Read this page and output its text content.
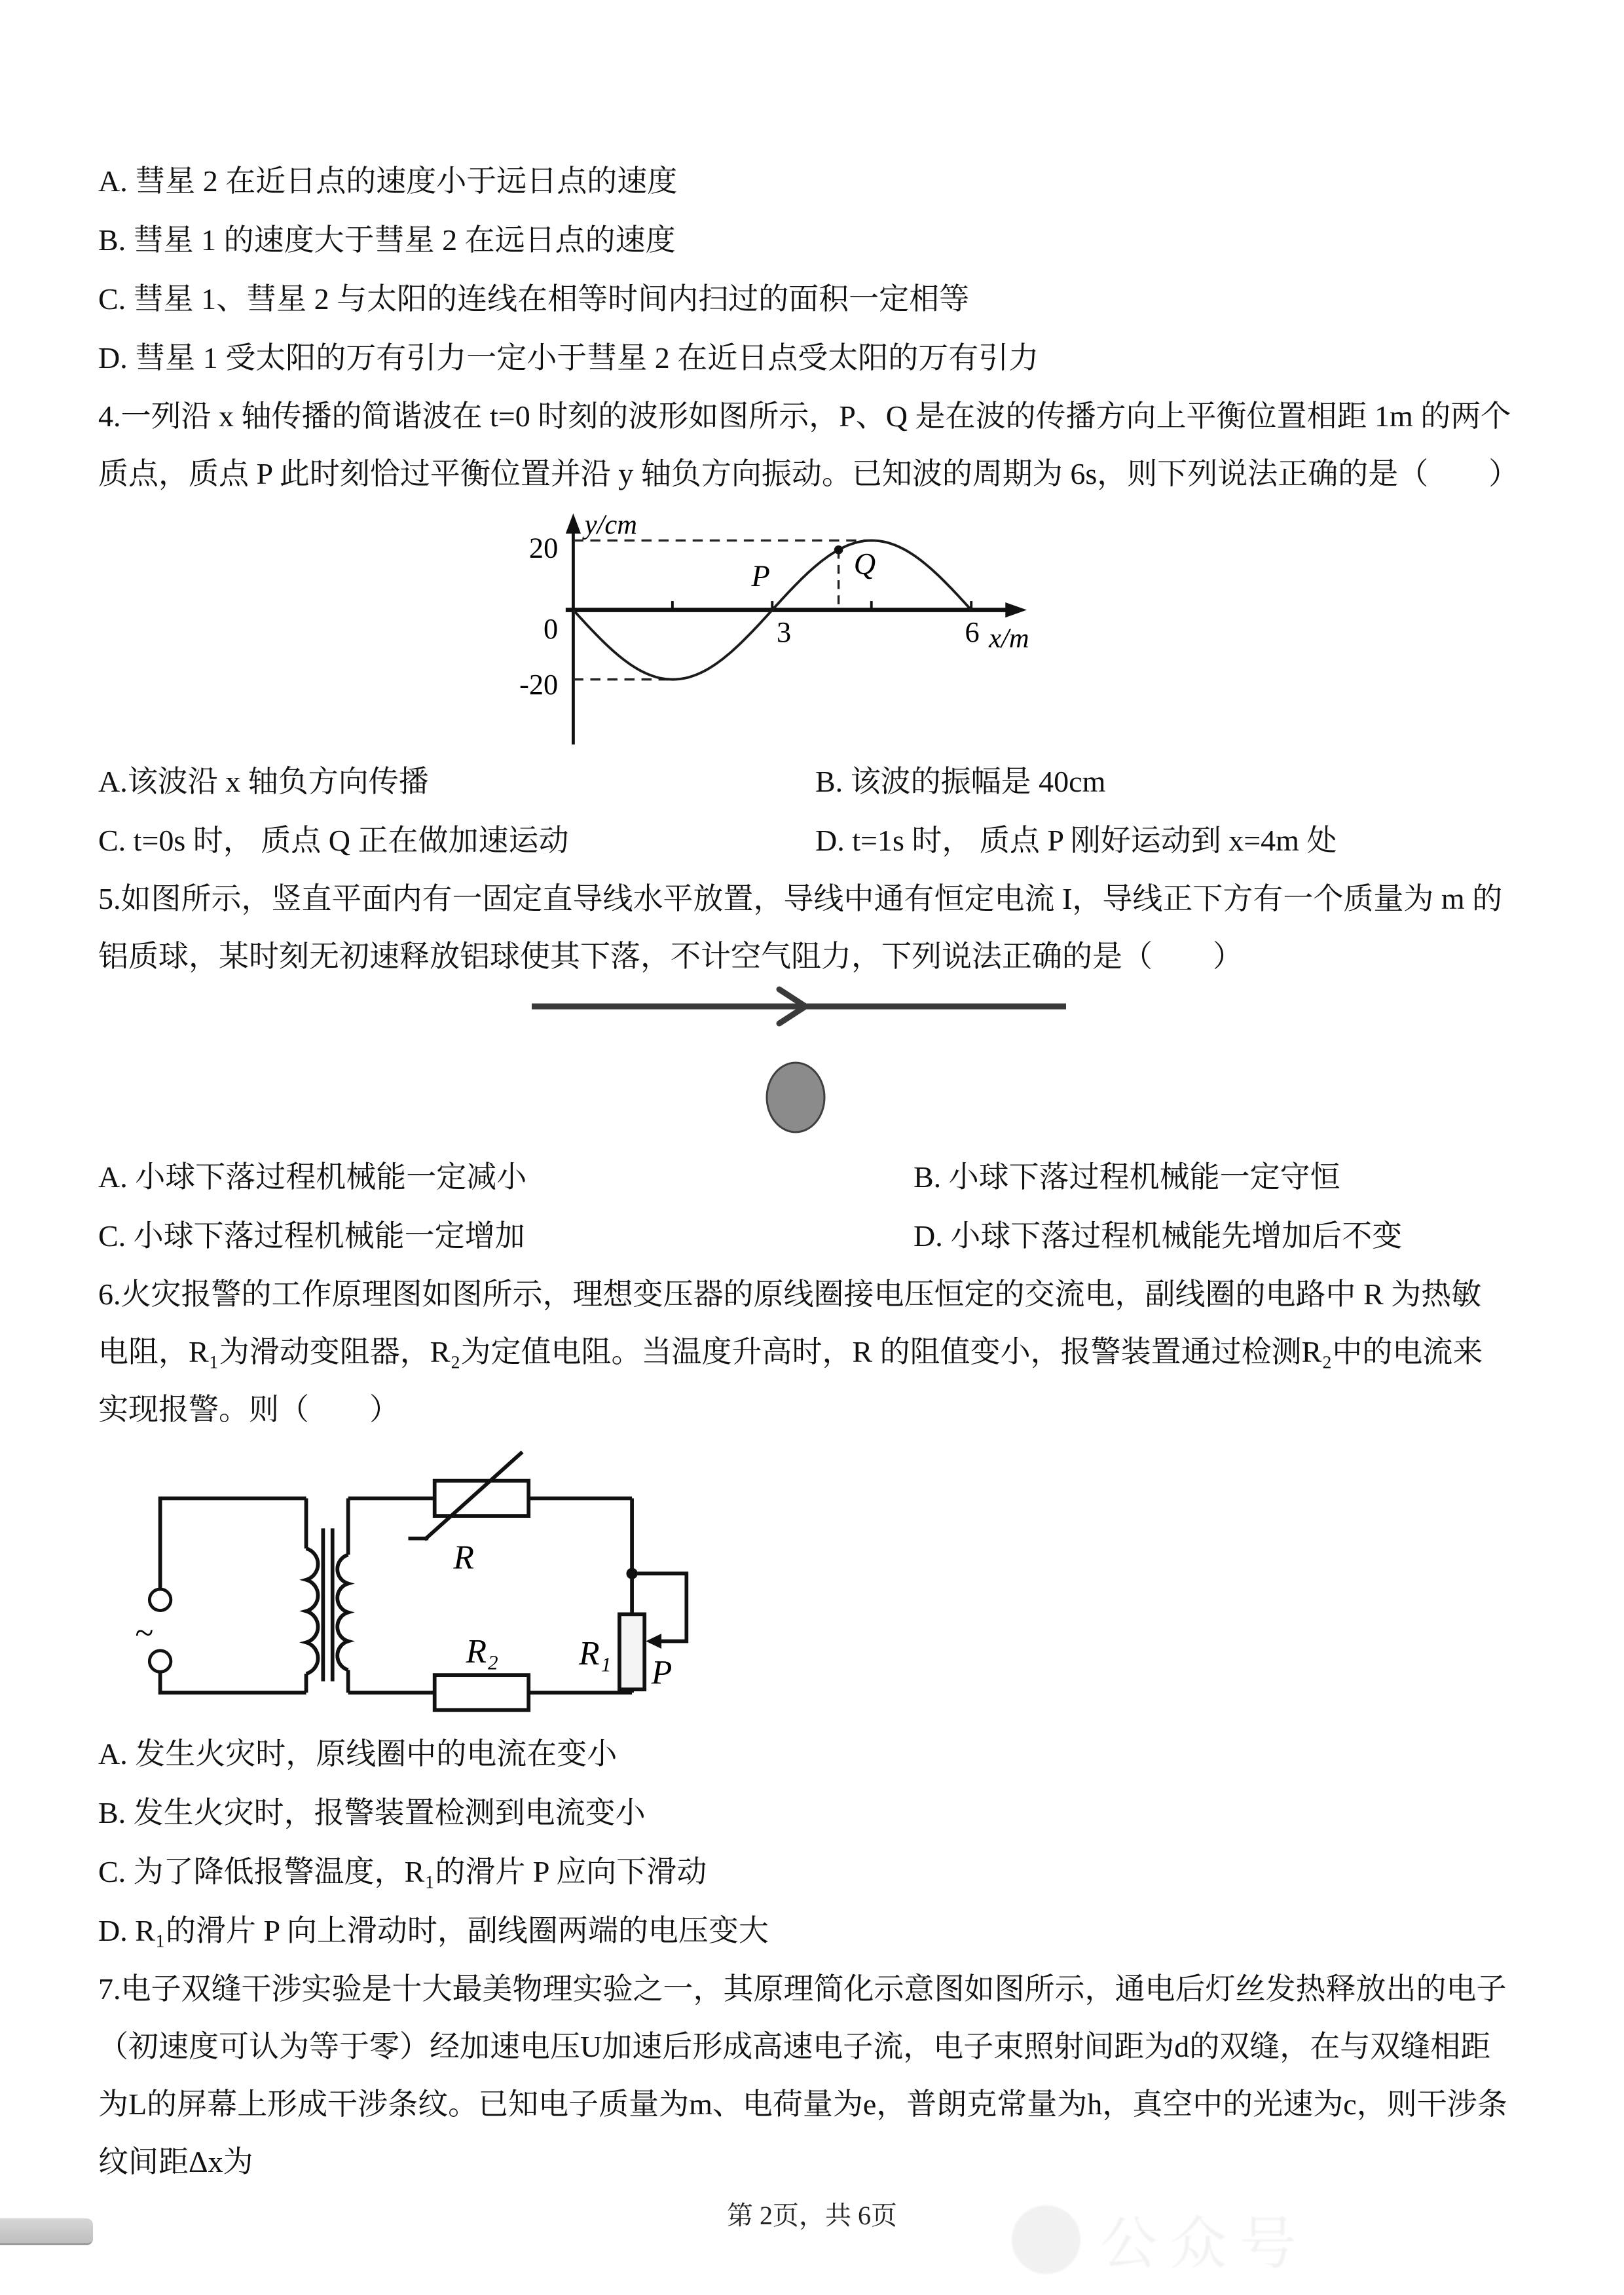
A. 彗星 2 在近日点的速度小于远日点的速度
B. 彗星 1 的速度大于彗星 2 在远日点的速度
C. 彗星 1、彗星 2 与太阳的连线在相等时间内扫过的面积一定相等
D. 彗星 1 受太阳的万有引力一定小于彗星 2 在近日点受太阳的万有引力
4.一列沿 x 轴传播的简谐波在 t=0 时刻的波形如图所示，P、Q 是在波的传播方向上平衡位置相距 1m 的两个
质点，质点 P 此时刻恰过平衡位置并沿 y 轴负方向振动。已知波的周期为 6s，则下列说法正确的是（　　）
y/cm
x/m
20
0
-20
3	6
P	Q
A.该波沿 x 轴负方向传播	B. 该波的振幅是 40cm
C. t=0s 时， 质点 Q 正在做加速运动	D. t=1s 时， 质点 P 刚好运动到 x=4m 处
5.如图所示，竖直平面内有一固定直导线水平放置，导线中通有恒定电流 I，导线正下方有一个质量为 m 的
铝质球，某时刻无初速释放铝球使其下落，不计空气阻力，下列说法正确的是（　　）
A. 小球下落过程机械能一定减小	B. 小球下落过程机械能一定守恒
C. 小球下落过程机械能一定增加	D. 小球下落过程机械能先增加后不变
6.火灾报警的工作原理图如图所示，理想变压器的原线圈接电压恒定的交流电，副线圈的电路中 R 为热敏
电阻，R₁为滑动变阻器，R₂为定值电阻。当温度升高时，R 的阻值变小，报警装置通过检测R₂中的电流来
实现报警。则（　　）
~
R
R₁
P
R₂
A. 发生火灾时，原线圈中的电流在变小
B. 发生火灾时，报警装置检测到电流变小
C. 为了降低报警温度，R₁的滑片 P 应向下滑动
D. R₁的滑片 P 向上滑动时，副线圈两端的电压变大
7.电子双缝干涉实验是十大最美物理实验之一，其原理简化示意图如图所示，通电后灯丝发热释放出的电子
（初速度可认为等于零）经加速电压U加速后形成高速电子流，电子束照射间距为d的双缝，在与双缝相距
为L的屏幕上形成干涉条纹。已知电子质量为m、电荷量为e，普朗克常量为h，真空中的光速为c，则干涉条
纹间距Δx为
第 2页，共 6页	公众号
